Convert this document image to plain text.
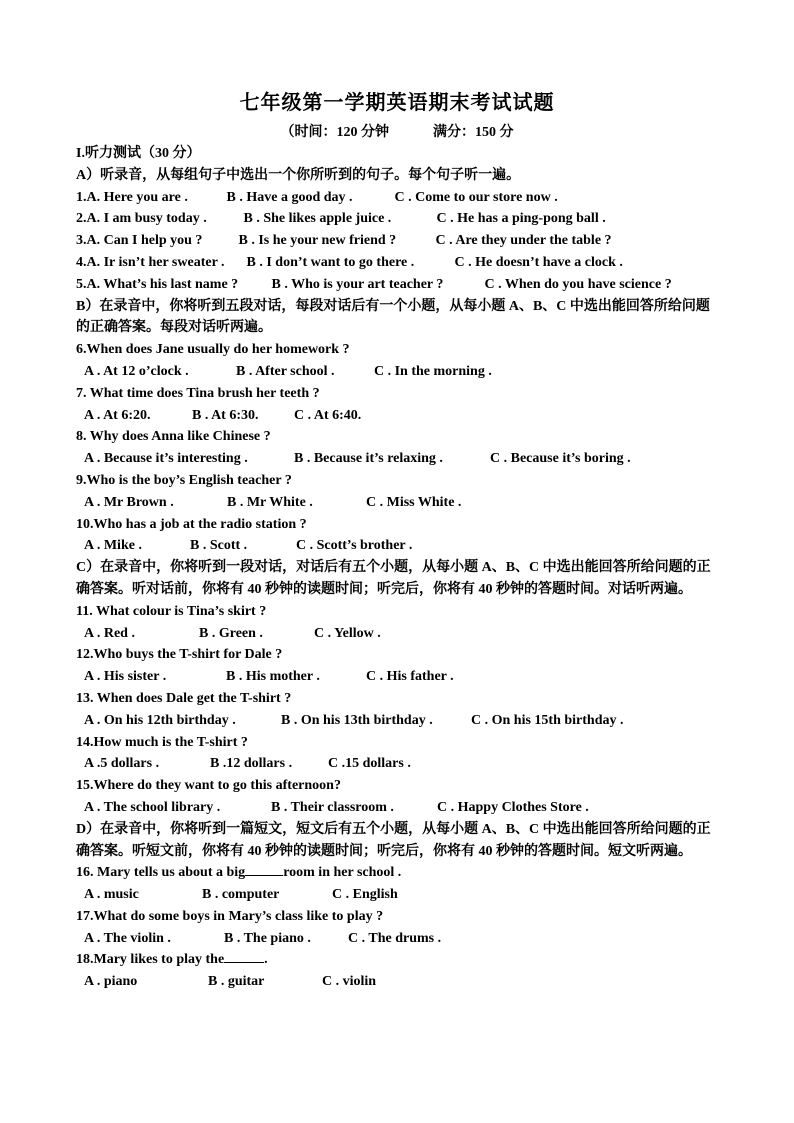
七年级第一学期英语期末考试试题
（时间：120 分钟	满分：150 分
I.听力测试（30 分）
A）听录音，从每组句子中选出一个你所听到的句子。每个句子听一遍。
1.A. Here you are .	B . Have a good day .	C . Come to our store now .
2.A. I am busy today .	B . She likes apple juice .	C . He has a ping-pong ball .
3.A. Can I help you ?	B . Is he your new friend ?	C . Are they under the table ?
4.A. Ir isn’t her sweater . B . I don’t want to go there .	C . He doesn’t have a clock .
5.A. What’s his last name ? B . Who is your art teacher ?	C . When do you have science ?
B）在录音中，你将听到五段对话，每段对话后有一个小题，从每小题 A、B、C 中选出能回答所给问题的正确答案。每段对话听两遍。
6.When does Jane usually do her homework ?
A . At 12 o’clock .	B . After school .	C . In the morning .
7. What time does Tina brush her teeth ?
A . At 6:20.	B . At 6:30.	C . At 6:40.
8. Why does Anna like Chinese ?
A . Because it’s interesting .	B . Because it’s relaxing .	C . Because it’s boring .
9.Who is the boy’s English teacher ?
A . Mr Brown .	B . Mr White .	C . Miss White .
10.Who has a job at the radio station ?
A . Mike .	B . Scott .	C . Scott’s brother .
C）在录音中，你将听到一段对话，对话后有五个小题，从每小题 A、B、C 中选出能回答所给问题的正确答案。听对话前，你将有 40 秒钟的读题时间；听完后，你将有 40 秒钟的答题时间。对话听两遍。
11. What colour is Tina’s skirt ?
A . Red .	B . Green .	C . Yellow .
12.Who buys the T-shirt for Dale ?
A . His sister .	B . His mother .	C . His father .
13. When does Dale get the T-shirt ?
A . On his 12th birthday .	B . On his 13th birthday .	C . On his 15th birthday .
14.How much is the T-shirt ?
A .5 dollars .	B .12 dollars .	C .15 dollars .
15.Where do they want to go this afternoon?
A . The school library .	B . Their classroom .	C . Happy Clothes Store .
D）在录音中，你将听到一篇短文，短文后有五个小题，从每小题 A、B、C 中选出能回答所给问题的正确答案。听短文前，你将有 40 秒钟的读题时间；听完后，你将有 40 秒钟的答题时间。短文听两遍。
16. Mary tells us about a big	room in her school .
A . music	B . computer	C . English
17.What do some boys in Mary’s class like to play ?
A . The violin .	B . The piano .	C . The drums .
18.Mary likes to play the	.
A . piano	B . guitar	C . violin
